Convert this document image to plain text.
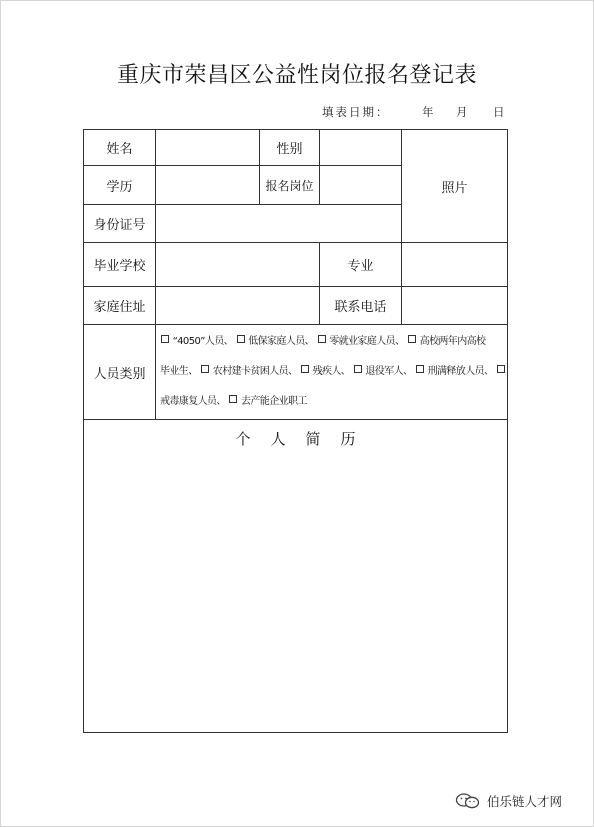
重庆市荣昌区公益性岗位报名登记表
填表日期：	年 月 日
姓名		性别		照片
学历		报名岗位		
身份证号				
毕业学校			专业	
家庭住址			联系电话	
人员类别	“4050”人员、 低保家庭人员、 零就业家庭人员、 高校两年内高校
毕业生、 农村建卡贫困人员、 残疾人、 退役军人、 刑满释放人员、
戒毒康复人员、 去产能企业职工			

个人简历				
伯乐链人才网
